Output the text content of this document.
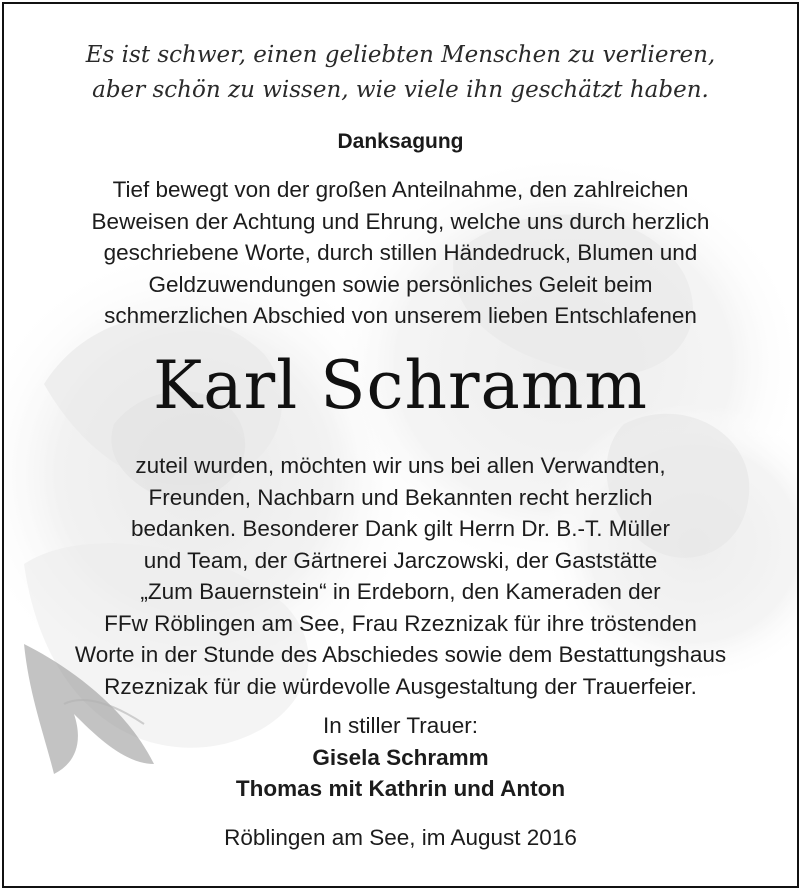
Es ist schwer, einen geliebten Menschen zu verlieren,
aber schön zu wissen, wie viele ihn geschätzt haben.
Danksagung
Tief bewegt von der großen Anteilnahme, den zahlreichen
Beweisen der Achtung und Ehrung, welche uns durch herzlich
geschriebene Worte, durch stillen Händedruck, Blumen und
Geldzuwendungen sowie persönliches Geleit beim
schmerzlichen Abschied von unserem lieben Entschlafenen
Karl Schramm
zuteil wurden, möchten wir uns bei allen Verwandten,
Freunden, Nachbarn und Bekannten recht herzlich
bedanken. Besonderer Dank gilt Herrn Dr. B.-T. Müller
und Team, der Gärtnerei Jarczowski, der Gaststätte
„Zum Bauernstein“ in Erdeborn, den Kameraden der
FFw Röblingen am See, Frau Rzeznizak für ihre tröstenden
Worte in der Stunde des Abschiedes sowie dem Bestattungshaus
Rzeznizak für die würdevolle Ausgestaltung der Trauerfeier.
In stiller Trauer:
Gisela Schramm
Thomas mit Kathrin und Anton
Röblingen am See, im August 2016
